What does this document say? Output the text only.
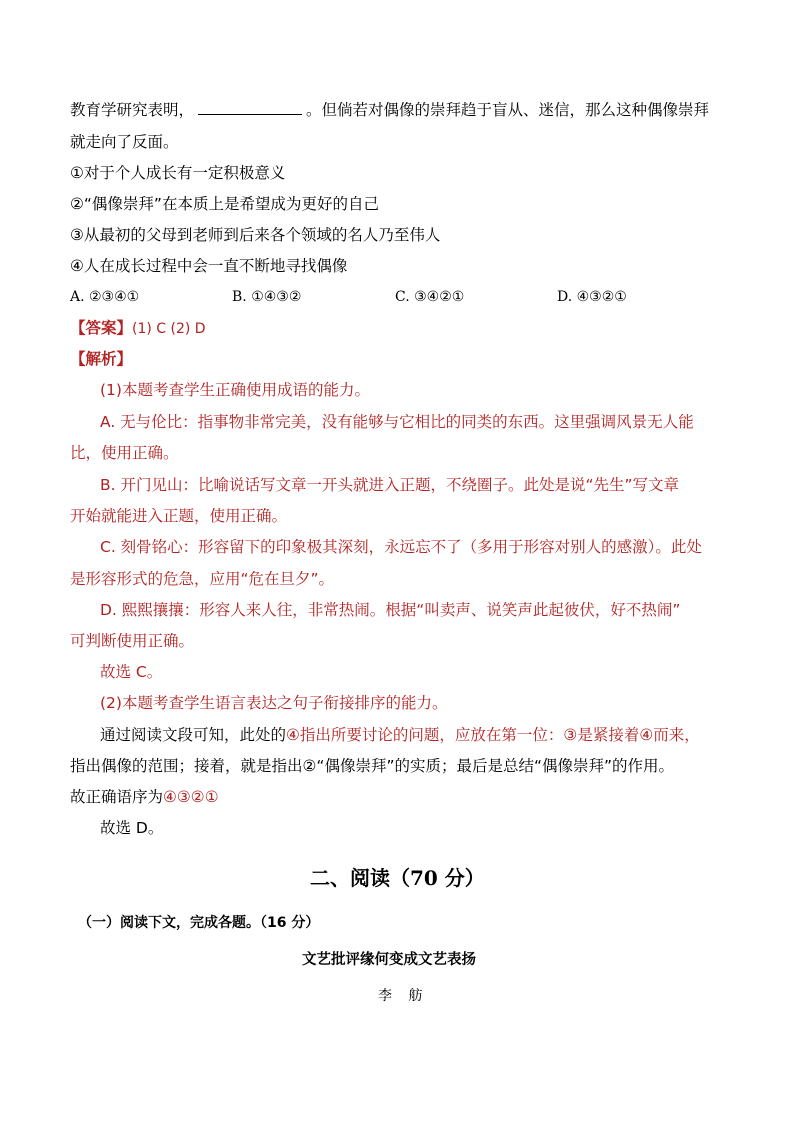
教育学研究表明，	。但倘若对偶像的崇拜趋于盲从、迷信，那么这种偶像崇拜
就走向了反面。
①对于个人成长有一定积极意义
②“偶像崇拜”在本质上是希望成为更好的自己
③从最初的父母到老师到后来各个领域的名人乃至伟人
④人在成长过程中会一直不断地寻找偶像
A. ②③④①	B. ①④③②	C. ③④②①	D. ④③②①
【答案】(1) C (2) D
【解析】
(1)本题考查学生正确使用成语的能力。
A. 无与伦比：指事物非常完美，没有能够与它相比的同类的东西。这里强调风景无人能
比，使用正确。
B. 开门见山：比喻说话写文章一开头就进入正题，不绕圈子。此处是说“先生”写文章
开始就能进入正题，使用正确。
C. 刻骨铭心：形容留下的印象极其深刻，永远忘不了（多用于形容对别人的感激）。此处
是形容形式的危急，应用“危在旦夕”。
D. 熙熙攘攘：形容人来人往，非常热闹。根据“叫卖声、说笑声此起彼伏，好不热闹”
可判断使用正确。
故选 C。
(2)本题考查学生语言表达之句子衔接排序的能力。
通过阅读文段可知，此处的④指出所要讨论的问题，应放在第一位：③是紧接着④而来，
指出偶像的范围；接着，就是指出②“偶像崇拜”的实质；最后是总结“偶像崇拜”的作用。
故正确语序为④③②①
故选 D。
二、阅读（70 分）
（一）阅读下文，完成各题。（16 分）
文艺批评缘何变成文艺表扬
李 舫
